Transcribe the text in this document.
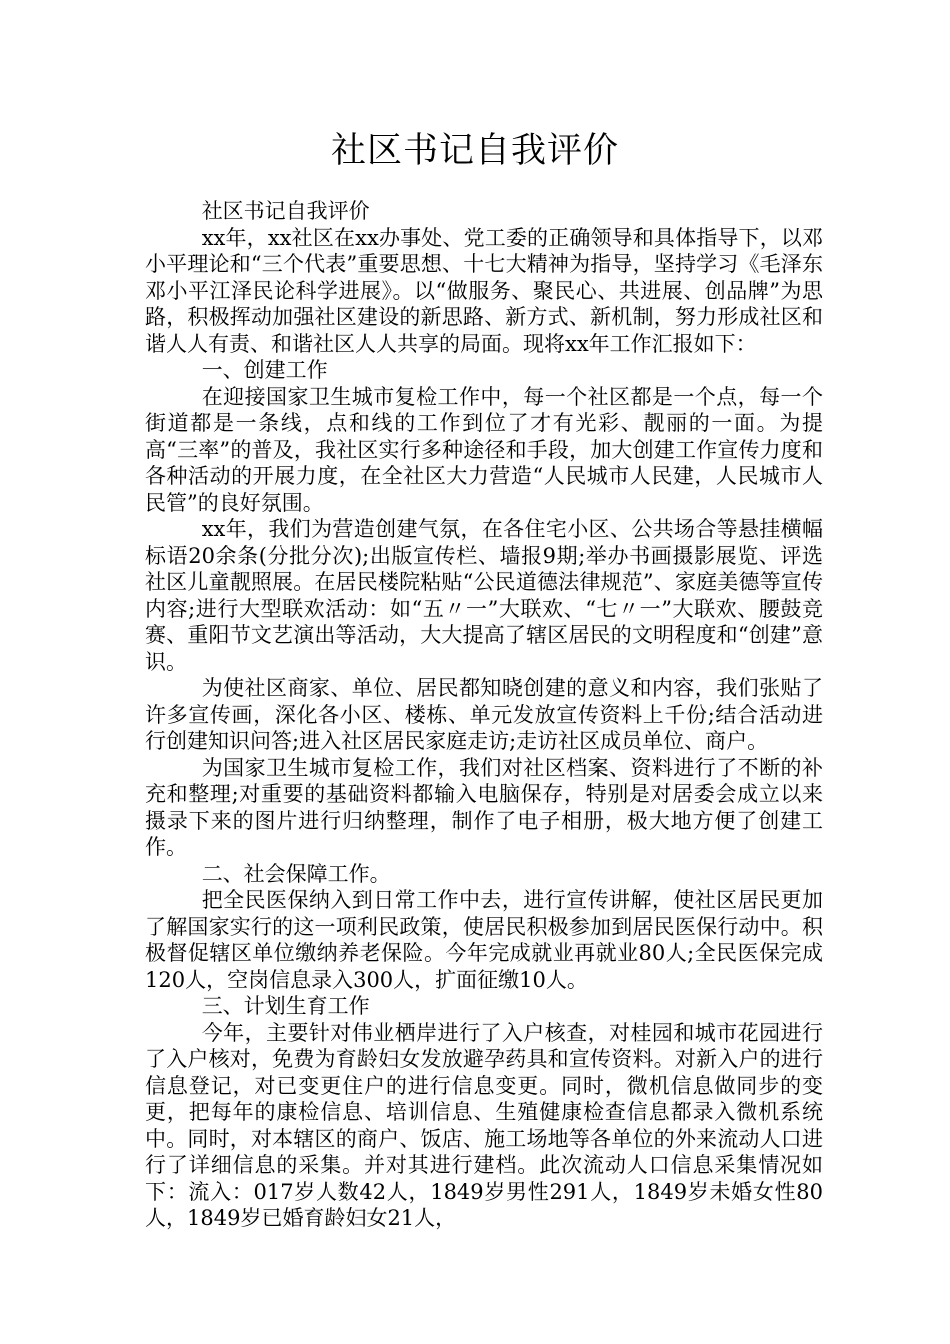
社区书记自我评价

社区书记自我评价

xx年，xx社区在xx办事处、党工委的正确领导和具体指导下，以邓小平理论和“三个代表”重要思想、十七大精神为指导，坚持学习《毛泽东邓小平江泽民论科学进展》。以“做服务、聚民心、共进展、创品牌”为思路，积极挥动加强社区建设的新思路、新方式、新机制，努力形成社区和谐人人有责、和谐社区人人共享的局面。现将xx年工作汇报如下：

一、创建工作

在迎接国家卫生城市复检工作中，每一个社区都是一个点，每一个街道都是一条线，点和线的工作到位了才有光彩、靓丽的一面。为提高“三率”的普及，我社区实行多种途径和手段，加大创建工作宣传力度和各种活动的开展力度，在全社区大力营造“人民城市人民建，人民城市人民管”的良好氛围。

xx年，我们为营造创建气氛，在各住宅小区、公共场合等悬挂横幅标语20余条(分批分次);出版宣传栏、墙报9期;举办书画摄影展览、评选社区儿童靓照展。在居民楼院粘贴“公民道德法律规范”、家庭美德等宣传内容;进行大型联欢活动：如“五〃一”大联欢、“七〃一”大联欢、腰鼓竞赛、重阳节文艺演出等活动，大大提高了辖区居民的文明程度和“创建”意识。

为使社区商家、单位、居民都知晓创建的意义和内容，我们张贴了许多宣传画，深化各小区、楼栋、单元发放宣传资料上千份;结合活动进行创建知识问答;进入社区居民家庭走访;走访社区成员单位、商户。

为国家卫生城市复检工作，我们对社区档案、资料进行了不断的补充和整理;对重要的基础资料都输入电脑保存，特别是对居委会成立以来摄录下来的图片进行归纳整理，制作了电子相册，极大地方便了创建工作。

二、社会保障工作。

把全民医保纳入到日常工作中去，进行宣传讲解，使社区居民更加了解国家实行的这一项利民政策，使居民积极参加到居民医保行动中。积极督促辖区单位缴纳养老保险。今年完成就业再就业80人;全民医保完成120人，空岗信息录入300人，扩面征缴10人。

三、计划生育工作

今年，主要针对伟业栖岸进行了入户核查，对桂园和城市花园进行了入户核对，免费为育龄妇女发放避孕药具和宣传资料。对新入户的进行信息登记，对已变更住户的进行信息变更。同时，微机信息做同步的变更，把每年的康检信息、培训信息、生殖健康检查信息都录入微机系统中。同时，对本辖区的商户、饭店、施工场地等各单位的外来流动人口进行了详细信息的采集。并对其进行建档。此次流动人口信息采集情况如下：流入：017岁人数42人，1849岁男性291人，1849岁未婚女性80人，1849岁已婚育龄妇女21人，
